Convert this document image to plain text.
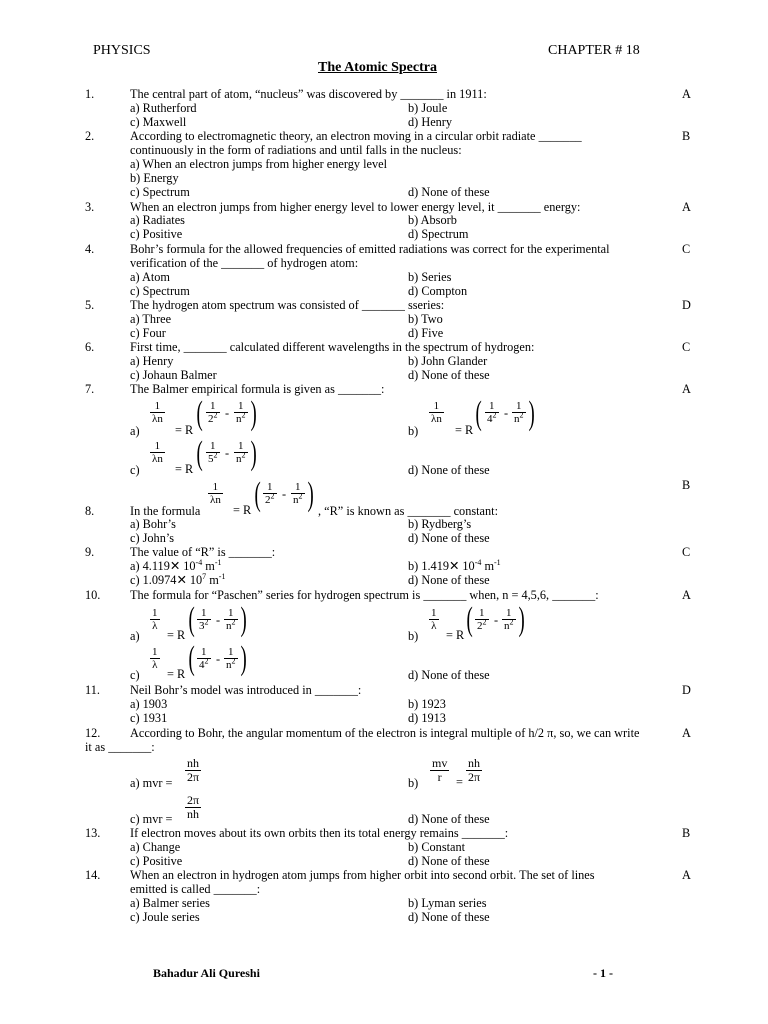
PHYSICS	CHAPTER # 18
The Atomic Spectra
1.	The central part of atom, “nucleus” was discovered by _______ in 1911:	A
a) Rutherford	b) Joule
c) Maxwell	d) Henry
2.	According to electromagnetic theory, an electron moving in a circular orbit radiate _______	B
continuously in the form of radiations and until falls in the nucleus:
a) When an electron jumps from higher energy level
b) Energy
c) Spectrum	d) None of these
3.	When an electron jumps from higher energy level to lower energy level, it _______ energy:	A
a) Radiates	b) Absorb
c) Positive	d) Spectrum
4.	Bohr’s formula for the allowed frequencies of emitted radiations was correct for the experimental	C
verification of the _______ of hydrogen atom:
a) Atom	b) Series
c) Spectrum	d) Compton
5.	The hydrogen atom spectrum was consisted of _______ sseries:	D
a) Three	b) Two
c) Four	d) Five
6.	First time, _______ calculated different wavelengths in the spectrum of hydrogen:	C
a) Henry	b) John Glander
c) Johaun Balmer	d) None of these
7.	The Balmer empirical formula is given as _______:	A
a)
$\frac{1}{\lambda n}$
= R ( $\frac{1}{2^2} - \frac{1}{n^2}$ )	b)
$\frac{1}{\lambda n}$
= R ( $\frac{1}{4^2} - \frac{1}{n^2}$ )
c)
$\frac{1}{\lambda n}$
= R ( $\frac{1}{5^2} - \frac{1}{n^2}$ )	d) None of these
B
8.	In the formula
$\frac{1}{\lambda n}$
= R ( $\frac{1}{2^2} - \frac{1}{n^2}$ ) , “R” is known as _______ constant:
a) Bohr’s	b) Rydberg’s
c) John’s	d) None of these
9.	The value of “R” is _______:	C
a) 4.119✕ $10^{-4}$ $m^{-1}$	b) 1.419✕ $10^{-4}$ $m^{-1}$
c) 1.0974✕ $10^7$ $m^{-1}$	d) None of these
10. The formula for “Paschen” series for hydrogen spectrum is _______ when, n = 4,5,6, _______:	A
a)
$\frac{1}{\lambda}$
= R ( $\frac{1}{3^2} - \frac{1}{n^2}$ )	b)
$\frac{1}{\lambda}$
= R ( $\frac{1}{2^2} - \frac{1}{n^2}$ )
c)
$\frac{1}{\lambda}$
= R ( $\frac{1}{4^2} - \frac{1}{n^2}$ )	d) None of these
11. Neil Bohr’s model was introduced in _______:	D
a) 1903	b) 1923
c) 1931	d) 1913
12. According to Bohr, the angular momentum of the electron is integral multiple of h/2 π, so, we can write	A
it as _______:
a) mvr = $\frac{nh}{2\pi}$	$b) \frac{mv}{r} = \frac{nh}{2\pi}$
c) mvr = $\frac{2\pi}{nh}$	d) None of these
13. If electron moves about its own orbits then its total energy remains _______:	B
a) Change	b) Constant
c) Positive	d) None of these
14. When an electron in hydrogen atom jumps from higher orbit into second orbit. The set of lines	A
emitted is called _______:
a) Balmer series	b) Lyman series
c) Joule series	d) None of these
Bahadur Ali Qureshi	- 1 -
